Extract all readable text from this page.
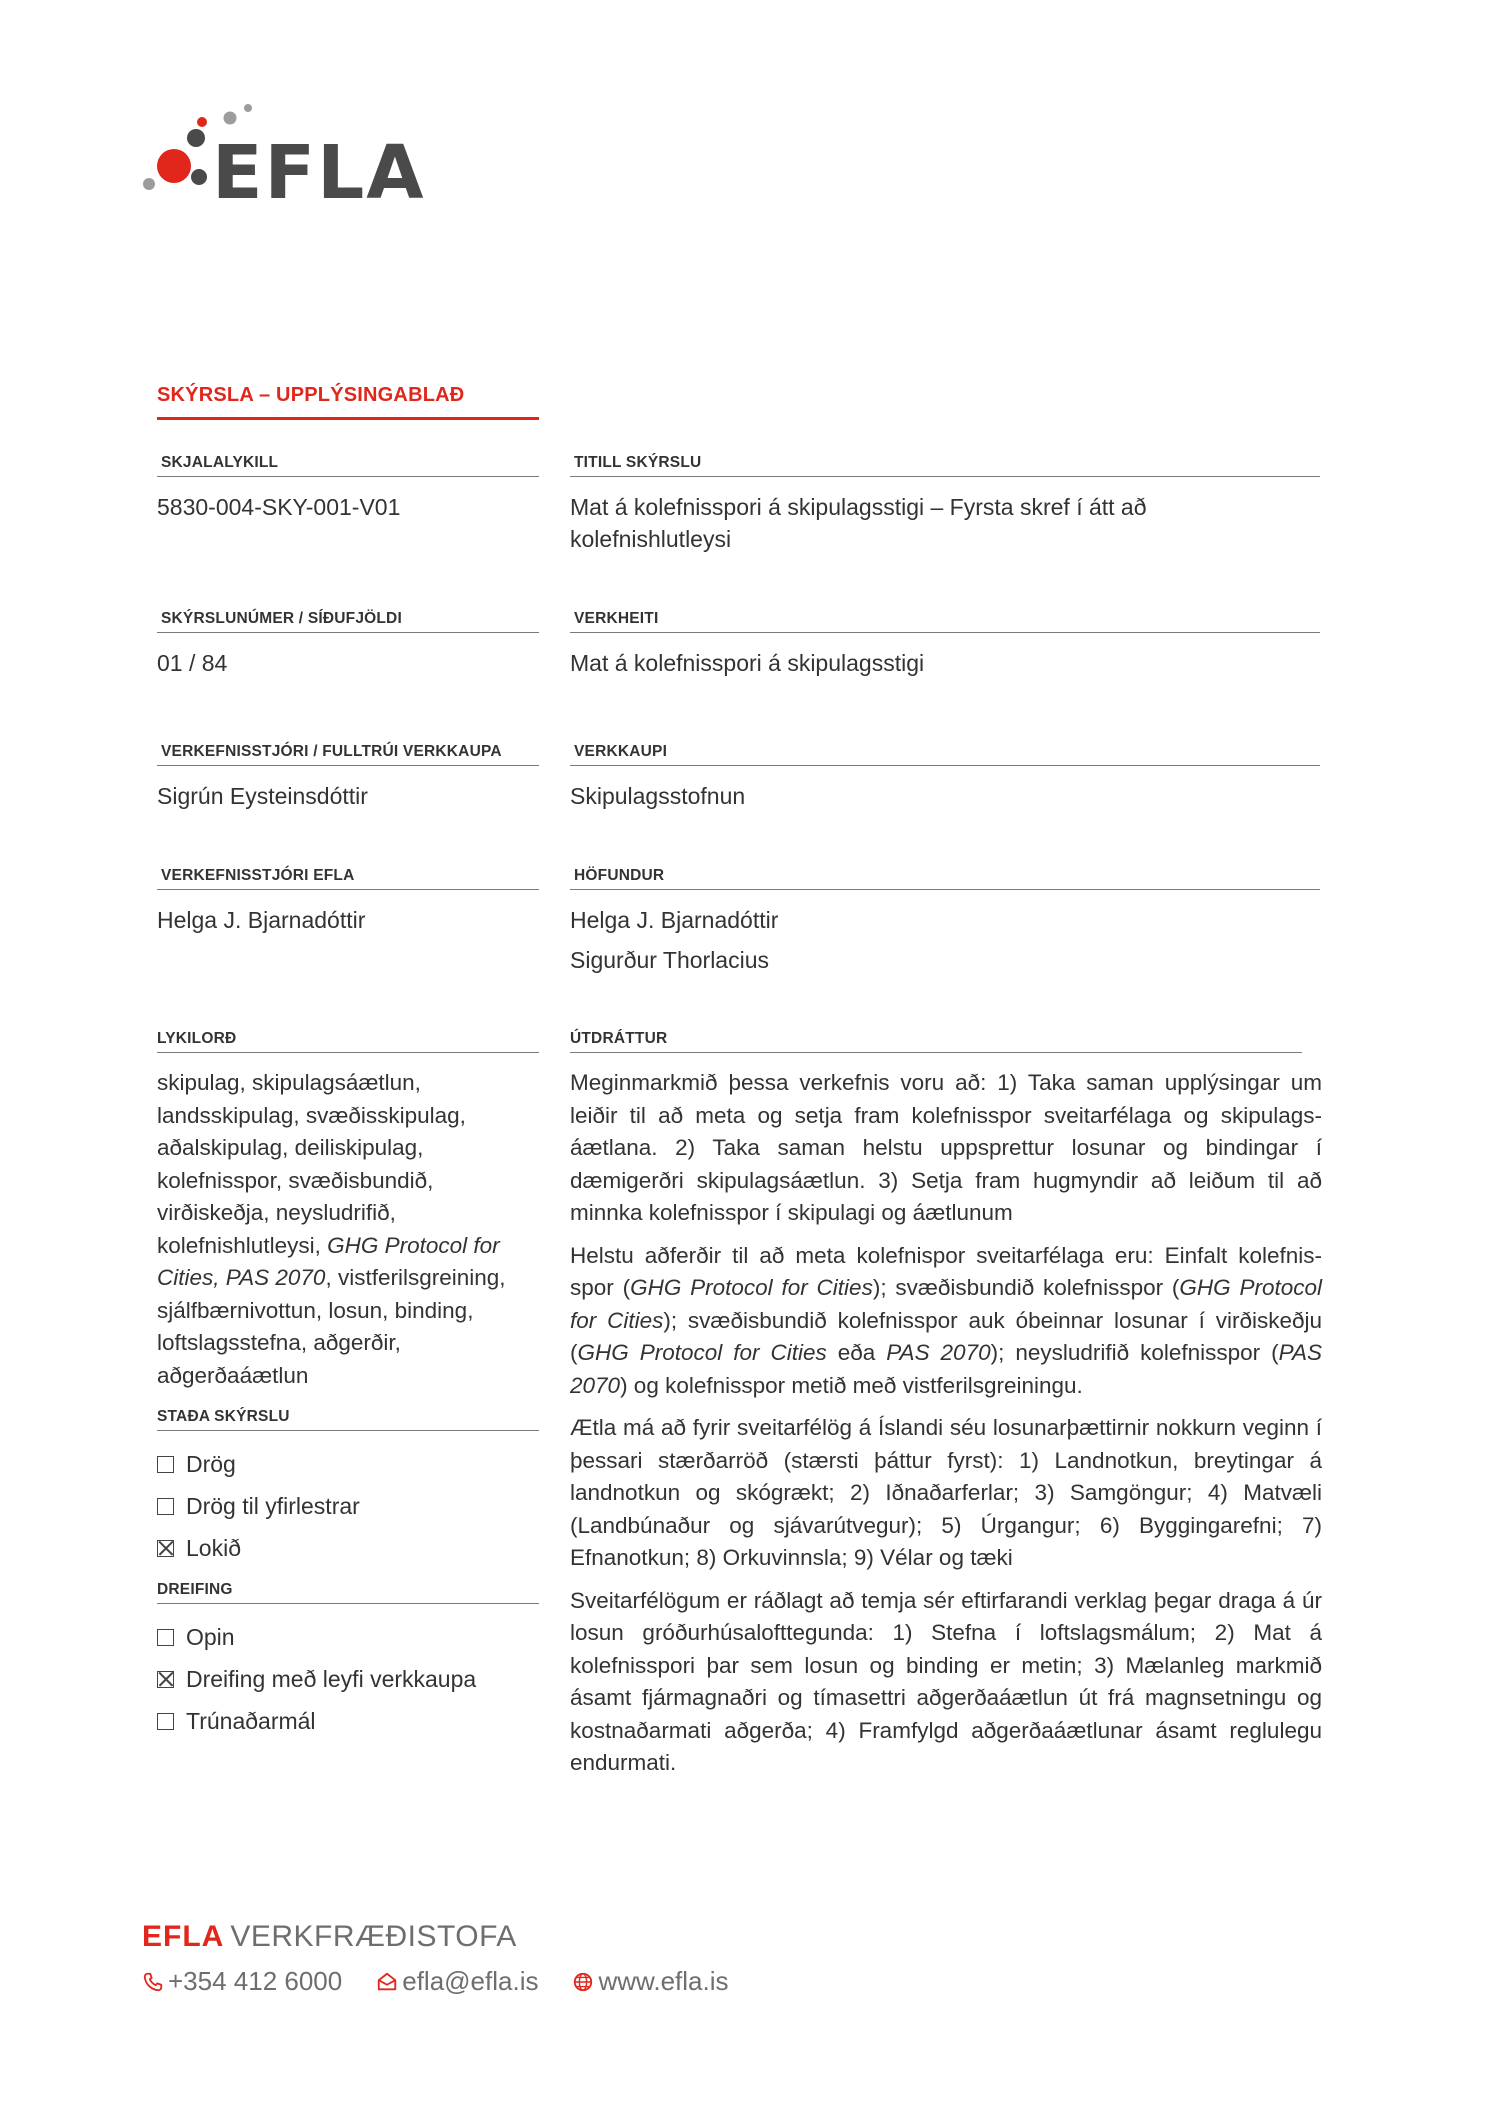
EFLA
SKÝRSLA – UPPLÝSINGABLAÐ
SKJALALYKILL
5830-004-SKY-001-V01
TITILL SKÝRSLU
Mat á kolefnisspori á skipulagsstigi – Fyrsta skref í átt að kolefnishlutleysi
SKÝRSLUNÚMER / SÍÐUFJÖLDI
01 / 84
VERKHEITI
Mat á kolefnisspori á skipulagsstigi
VERKEFNISSTJÓRI / FULLTRÚI VERKKAUPA
Sigrún Eysteinsdóttir
VERKKAUPI
Skipulagsstofnun
VERKEFNISSTJÓRI EFLA
Helga J. Bjarnadóttir
HÖFUNDUR
Helga J. Bjarnadóttir
Sigurður Thorlacius
LYKILORÐ
skipulag, skipulagsáætlun, landsskipulag, svæðisskipulag, aðalskipulag, deiliskipulag, kolefnisspor, svæðisbundið, virðiskeðja, neysludrifið, kolefnishlutleysi, GHG Protocol for Cities, PAS 2070, vistferilsgreining, sjálfbærnivottun, losun, binding, loftslagsstefna, aðgerðir, aðgerðaáætlun
STAÐA SKÝRSLU
Drög
Drög til yfirlestrar
Lokið
DREIFING
Opin
Dreifing með leyfi verkkaupa
Trúnaðarmál
ÚTDRÁTTUR

Meginmarkmið þessa verkefnis voru að: 1) Taka saman upplýsingar um leiðir til að meta og setja fram kolefnisspor sveitarfélaga og skipulags-áætlana. 2) Taka saman helstu uppsprettur losunar og bindingar í dæmigerðri skipulagsáætlun. 3) Setja fram hugmyndir að leiðum til að minnka kolefnisspor í skipulagi og áætlunum

Helstu aðferðir til að meta kolefnispor sveitarfélaga eru: Einfalt kolefnis-spor (GHG Protocol for Cities); svæðisbundið kolefnisspor (GHG Protocol for Cities); svæðisbundið kolefnisspor auk óbeinnar losunar í virðiskeðju (GHG Protocol for Cities eða PAS 2070); neysludrifið kolefnisspor (PAS 2070) og kolefnisspor metið með vistferilsgreiningu.

Ætla má að fyrir sveitarfélög á Íslandi séu losunarþættirnir nokkurn veginn í þessari stærðarröð (stærsti þáttur fyrst): 1) Landnotkun, breytingar á landnotkun og skógrækt; 2) Iðnaðarferlar; 3) Samgöngur; 4) Matvæli (Landbúnaður og sjávarútvegur); 5) Úrgangur; 6) Byggingarefni; 7) Efnanotkun; 8) Orkuvinnsla; 9) Vélar og tæki

Sveitarfélögum er ráðlagt að temja sér eftirfarandi verklag þegar draga á úr losun gróðurhúsalofttegunda: 1) Stefna í loftslagsmálum; 2) Mat á kolefnisspori þar sem losun og binding er metin; 3) Mælanleg markmið ásamt fjármagnaðri og tímasettri aðgerðaáætlun út frá magnsetningu og kostnaðarmati aðgerða; 4) Framfylgd aðgerðaáætlunar ásamt reglulegu endurmati.

EFLA VERKFRÆÐISTOFA
+354 412 6000 efla@efla.is www.efla.is
